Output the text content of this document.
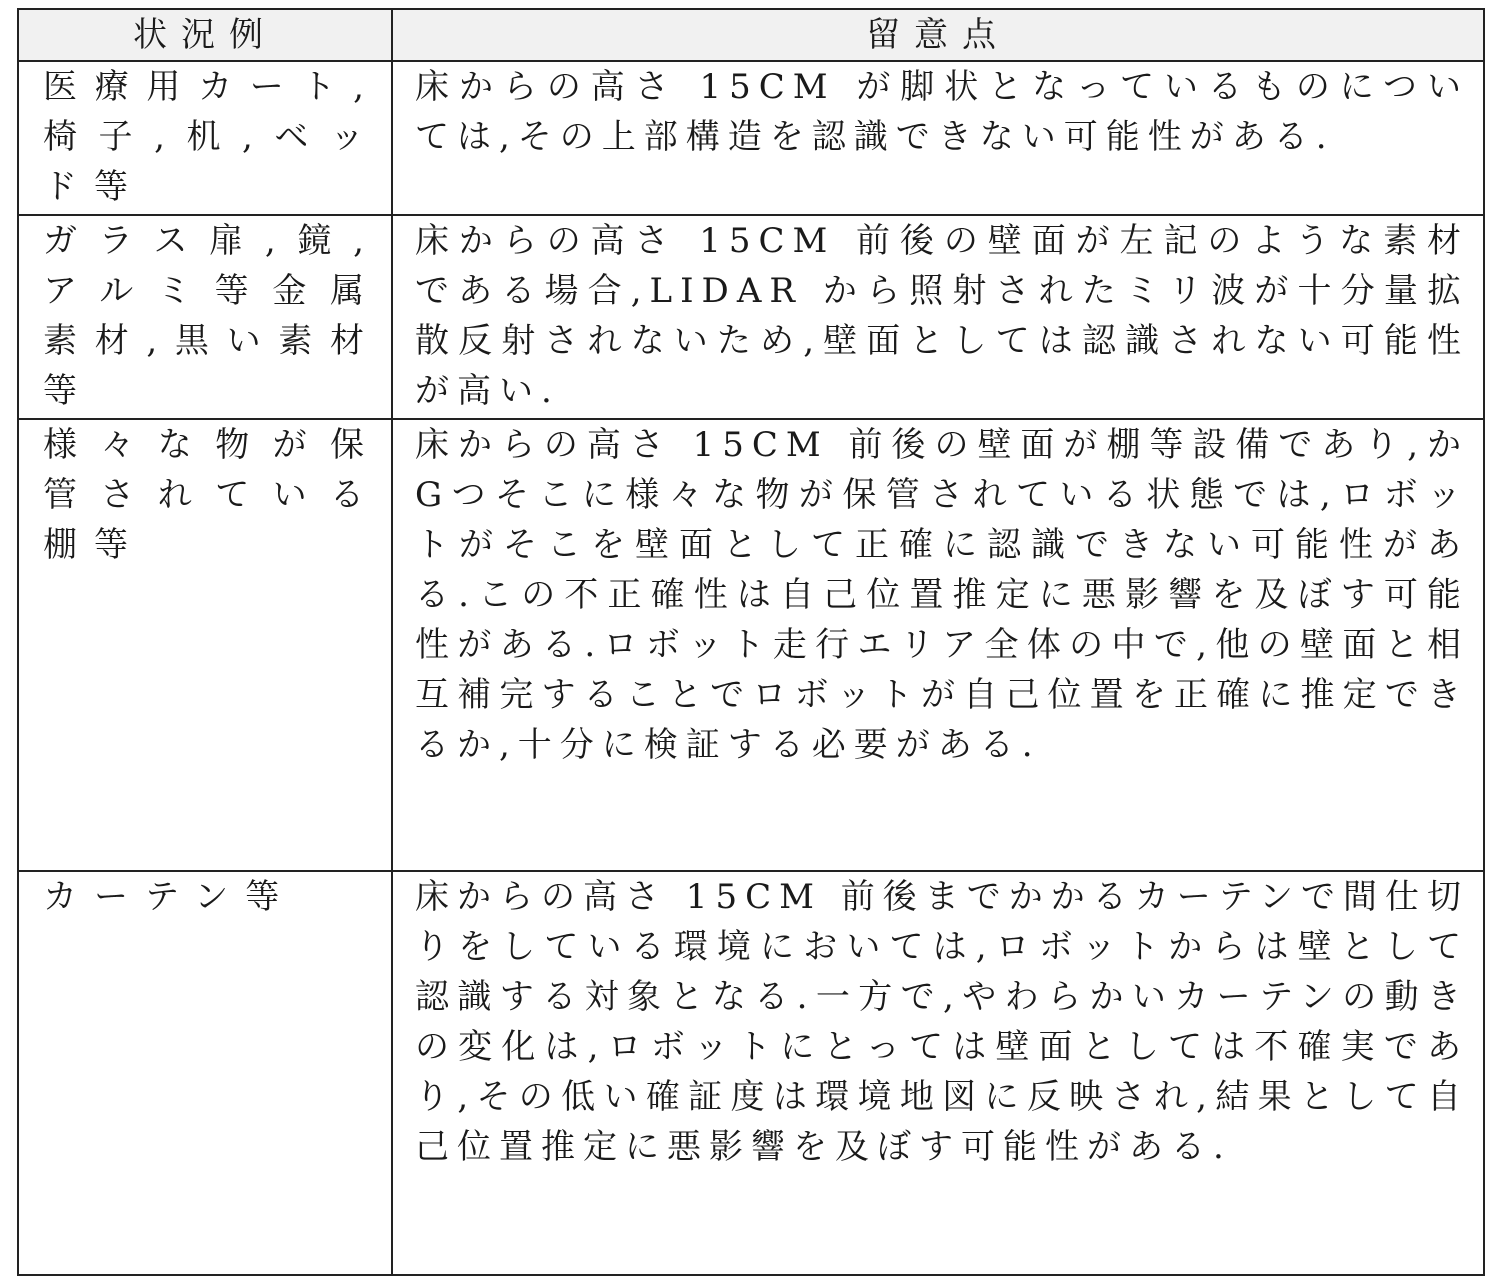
状況例	留意点

医療用カート,椅子,机,ベッド等	床からの高さ 15CM が脚状となっているものについては,その上部構造を認識できない可能性がある.

ガラス扉,鏡,アルミ等金属素材,黒い素材等	床からの高さ 15CM 前後の壁面が左記のような素材である場合,LIDAR から照射されたミリ波が十分量拡散反射されないため,壁面としては認識されない可能性が高い.

様々な物が保管されている棚等	床からの高さ 15CM 前後の壁面が棚等設備であり,かGつそこに様々な物が保管されている状態では,ロボットがそこを壁面として正確に認識できない可能性がある.この不正確性は自己位置推定に悪影響を及ぼす可能性がある.ロボット走行エリア全体の中で,他の壁面と相互補完することでロボットが自己位置を正確に推定できるか,十分に検証する必要がある.

カーテン等	床からの高さ 15CM 前後までかかるカーテンで間仕切りをしている環境においては,ロボットからは壁として認識する対象となる.一方で,やわらかいカーテンの動きの変化は,ロボットにとっては壁面としては不確実であり,その低い確証度は環境地図に反映され,結果として自己位置推定に悪影響を及ぼす可能性がある.
